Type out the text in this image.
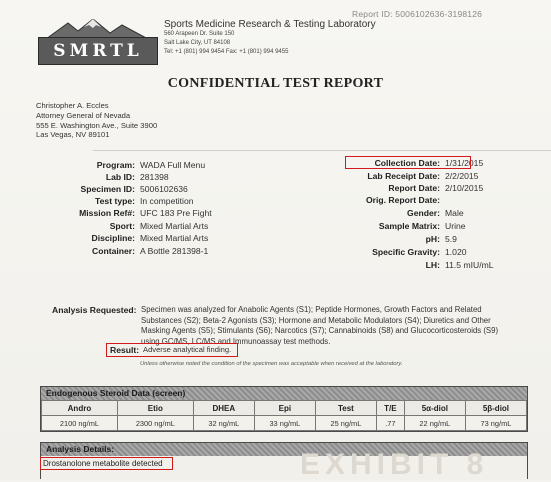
Report ID: 5006102636-3198126
SMRTL
Sports Medicine Research & Testing Laboratory
560 Arapeen Dr. Suite 150
Salt Lake City, UT 84108
Tel: +1 (801) 994 9454 Fax: +1 (801) 994 9455
CONFIDENTIAL TEST REPORT
Christopher A. Eccles
Attorney General of Nevada
555 E. Washington Ave., Suite 3900
Las Vegas, NV 89101
Program: WADA Full Menu
Lab ID: 281398
Specimen ID: 5006102636
Test type: In competition
Mission Ref#: UFC 183 Pre Fight
Sport: Mixed Martial Arts
Discipline: Mixed Martial Arts
Container: A Bottle 281398-1
Collection Date: 1/31/2015
Lab Receipt Date: 2/2/2015
Report Date: 2/10/2015
Orig. Report Date:
Gender: Male
Sample Matrix: Urine
pH: 5.9
Specific Gravity: 1.020
LH: 11.5 mIU/mL
Analysis Requested: Specimen was analyzed for Anabolic Agents (S1); Peptide Hormones, Growth Factors and Related Substances (S2); Beta-2 Agonists (S3); Hormone and Metabolic Modulators (S4); Diuretics and Other Masking Agents (S5); Stimulants (S6); Narcotics (S7); Cannabinoids (S8) and Glucocorticosteroids (S9) using GC/MS, LC/MS and Immunoassay test methods.
Result: Adverse analytical finding.
Unless otherwise noted the condition of the specimen was acceptable when received at the laboratory.
Endogenous Steroid Data (screen)
Andro	Etio	DHEA	Epi	Test	T/E	5α-diol	5β-diol
2100 ng/mL	2300 ng/mL	32 ng/mL	33 ng/mL	25 ng/mL	.77	22 ng/mL	73 ng/mL
Analysis Details:	EXHIBIT 8
Drostanolone metabolite detected
